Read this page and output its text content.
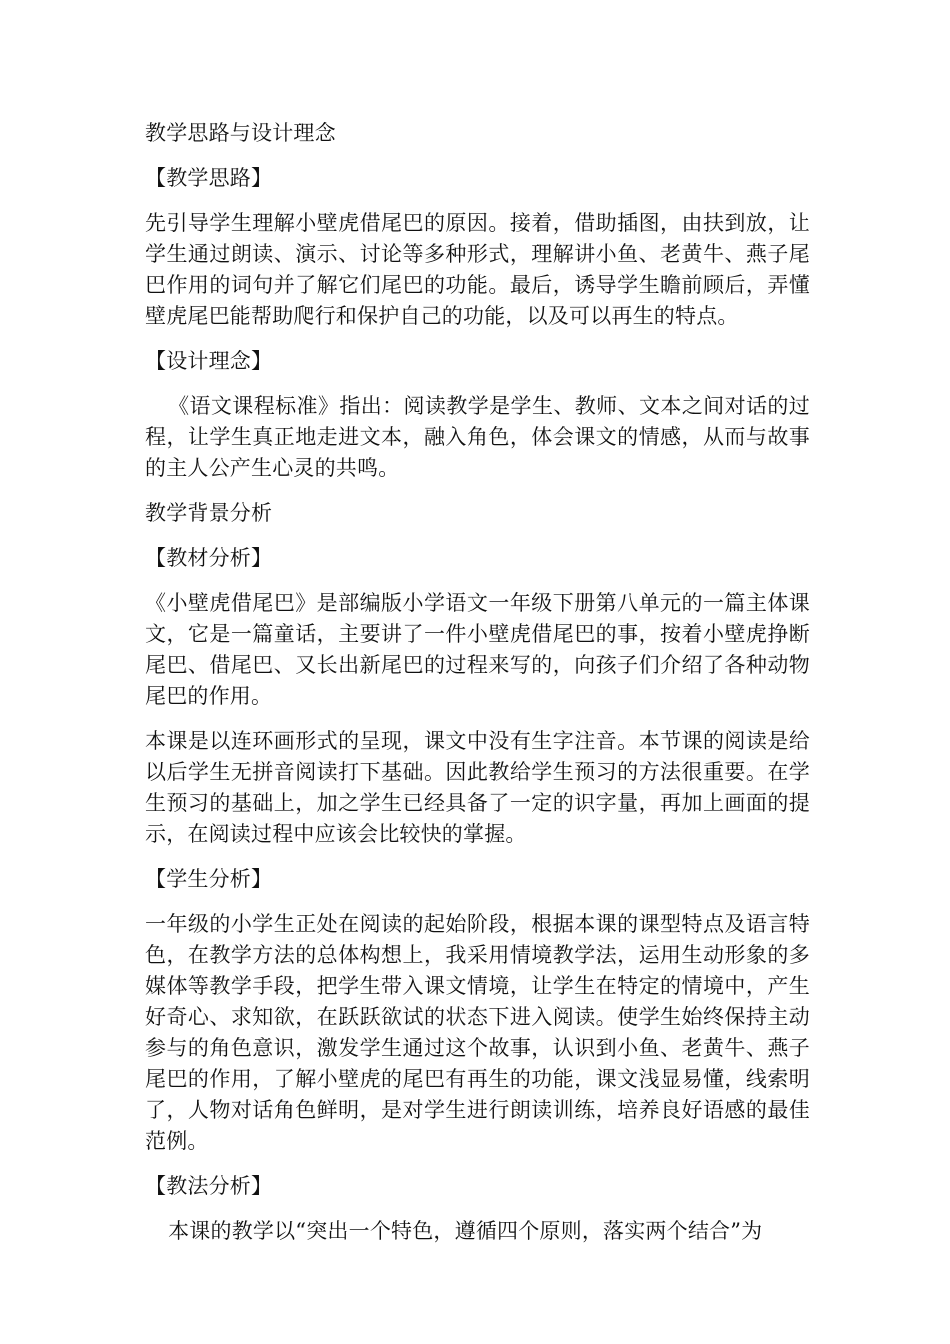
教学思路与设计理念

【教学思路】

先引导学生理解小壁虎借尾巴的原因。接着，借助插图，由扶到放，让学生通过朗读、演示、讨论等多种形式，理解讲小鱼、老黄牛、燕子尾巴作用的词句并了解它们尾巴的功能。最后，诱导学生瞻前顾后，弄懂壁虎尾巴能帮助爬行和保护自己的功能，以及可以再生的特点。

【设计理念】

《语文课程标准》指出：阅读教学是学生、教师、文本之间对话的过程，让学生真正地走进文本，融入角色，体会课文的情感，从而与故事的主人公产生心灵的共鸣。

教学背景分析

【教材分析】

《小壁虎借尾巴》是部编版小学语文一年级下册第八单元的一篇主体课文，它是一篇童话，主要讲了一件小壁虎借尾巴的事，按着小壁虎挣断尾巴、借尾巴、又长出新尾巴的过程来写的，向孩子们介绍了各种动物尾巴的作用。

本课是以连环画形式的呈现，课文中没有生字注音。本节课的阅读是给以后学生无拼音阅读打下基础。因此教给学生预习的方法很重要。在学生预习的基础上，加之学生已经具备了一定的识字量，再加上画面的提示，在阅读过程中应该会比较快的掌握。

【学生分析】

一年级的小学生正处在阅读的起始阶段，根据本课的课型特点及语言特色，在教学方法的总体构想上，我采用情境教学法，运用生动形象的多媒体等教学手段，把学生带入课文情境，让学生在特定的情境中，产生好奇心、求知欲，在跃跃欲试的状态下进入阅读。使学生始终保持主动参与的角色意识，激发学生通过这个故事，认识到小鱼、老黄牛、燕子尾巴的作用，了解小壁虎的尾巴有再生的功能，课文浅显易懂，线索明了，人物对话角色鲜明，是对学生进行朗读训练，培养良好语感的最佳范例。

【教法分析】

本课的教学以“突出一个特色，遵循四个原则，落实两个结合”为
